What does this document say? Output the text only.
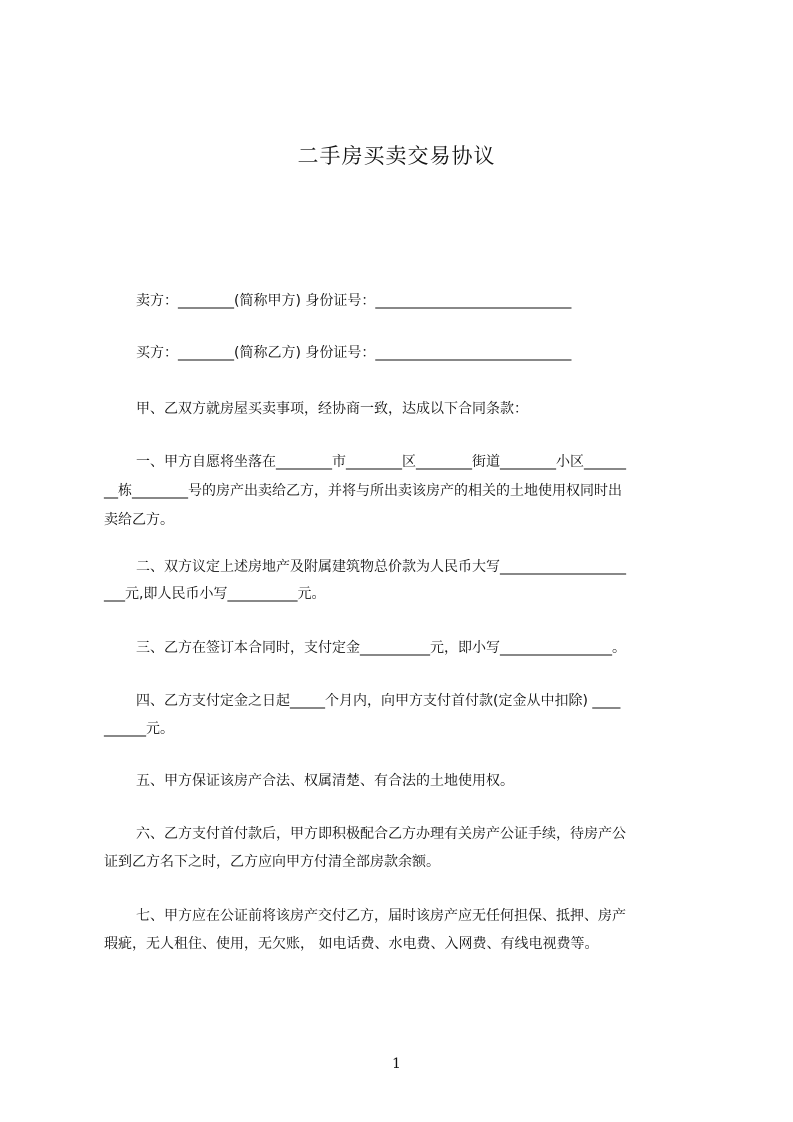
二手房买卖交易协议
卖方：________(简称甲方) 身份证号：____________________________
买方：________(简称乙方) 身份证号：____________________________
甲、乙双方就房屋买卖事项，经协商一致，达成以下合同条款：
一、甲方自愿将坐落在________市________区________街道________小区______
__栋________号的房产出卖给乙方，并将与所出卖该房产的相关的土地使用权同时出
卖给乙方。
二、双方议定上述房地产及附属建筑物总价款为人民币大写__________________
___元,即人民币小写__________元。
三、乙方在签订本合同时，支付定金__________元，即小写________________。
四、乙方支付定金之日起_____个月内，向甲方支付首付款(定金从中扣除) ____
______元。
五、甲方保证该房产合法、权属清楚、有合法的土地使用权。
六、乙方支付首付款后，甲方即积极配合乙方办理有关房产公证手续，待房产公
证到乙方名下之时，乙方应向甲方付清全部房款余额。
七、甲方应在公证前将该房产交付乙方，届时该房产应无任何担保、抵押、房产
瑕疵，无人租住、使用，无欠账， 如电话费、水电费、入网费、有线电视费等。
1
